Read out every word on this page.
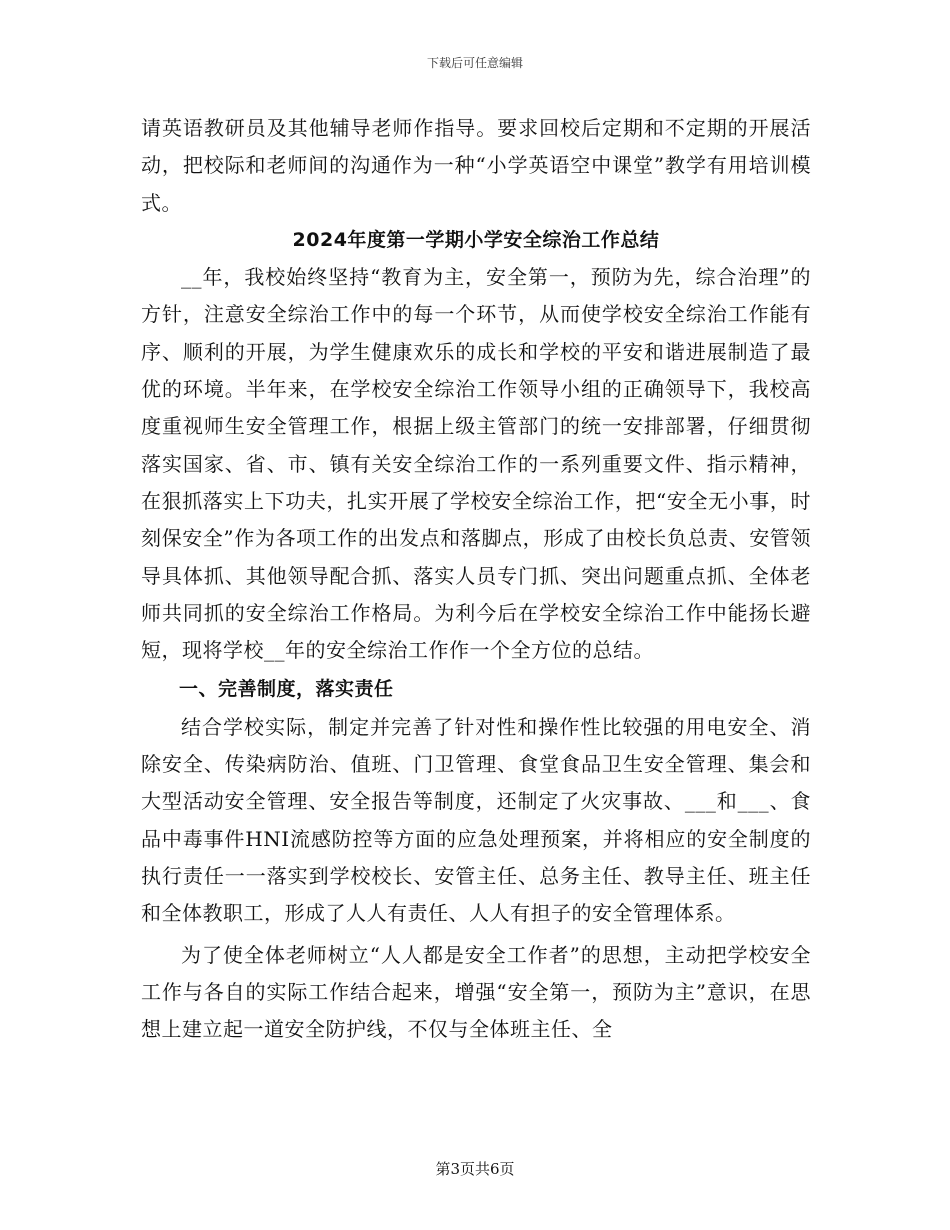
下载后可任意编辑

请英语教研员及其他辅导老师作指导。要求回校后定期和不定期的开展活动，把校际和老师间的沟通作为一种“小学英语空中课堂”教学有用培训模式。

2024年度第一学期小学安全综治工作总结

__年，我校始终坚持“教育为主，安全第一，预防为先，综合治理”的方针，注意安全综治工作中的每一个环节，从而使学校安全综治工作能有序、顺利的开展，为学生健康欢乐的成长和学校的平安和谐进展制造了最优的环境。半年来，在学校安全综治工作领导小组的正确领导下，我校高度重视师生安全管理工作，根据上级主管部门的统一安排部署，仔细贯彻落实国家、省、市、镇有关安全综治工作的一系列重要文件、指示精神，在狠抓落实上下功夫，扎实开展了学校安全综治工作，把“安全无小事，时刻保安全”作为各项工作的出发点和落脚点，形成了由校长负总责、安管领导具体抓、其他领导配合抓、落实人员专门抓、突出问题重点抓、全体老师共同抓的安全综治工作格局。为利今后在学校安全综治工作中能扬长避短，现将学校__年的安全综治工作作一个全方位的总结。

一、完善制度，落实责任

结合学校实际，制定并完善了针对性和操作性比较强的用电安全、消除安全、传染病防治、值班、门卫管理、食堂食品卫生安全管理、集会和大型活动安全管理、安全报告等制度，还制定了火灾事故、___和___、食品中毒事件HNI流感防控等方面的应急处理预案，并将相应的安全制度的执行责任一一落实到学校校长、安管主任、总务主任、教导主任、班主任和全体教职工，形成了人人有责任、人人有担子的安全管理体系。

为了使全体老师树立“人人都是安全工作者”的思想，主动把学校安全工作与各自的实际工作结合起来，增强“安全第一，预防为主”意识，在思想上建立起一道安全防护线，不仅与全体班主任、全

第3页共6页
